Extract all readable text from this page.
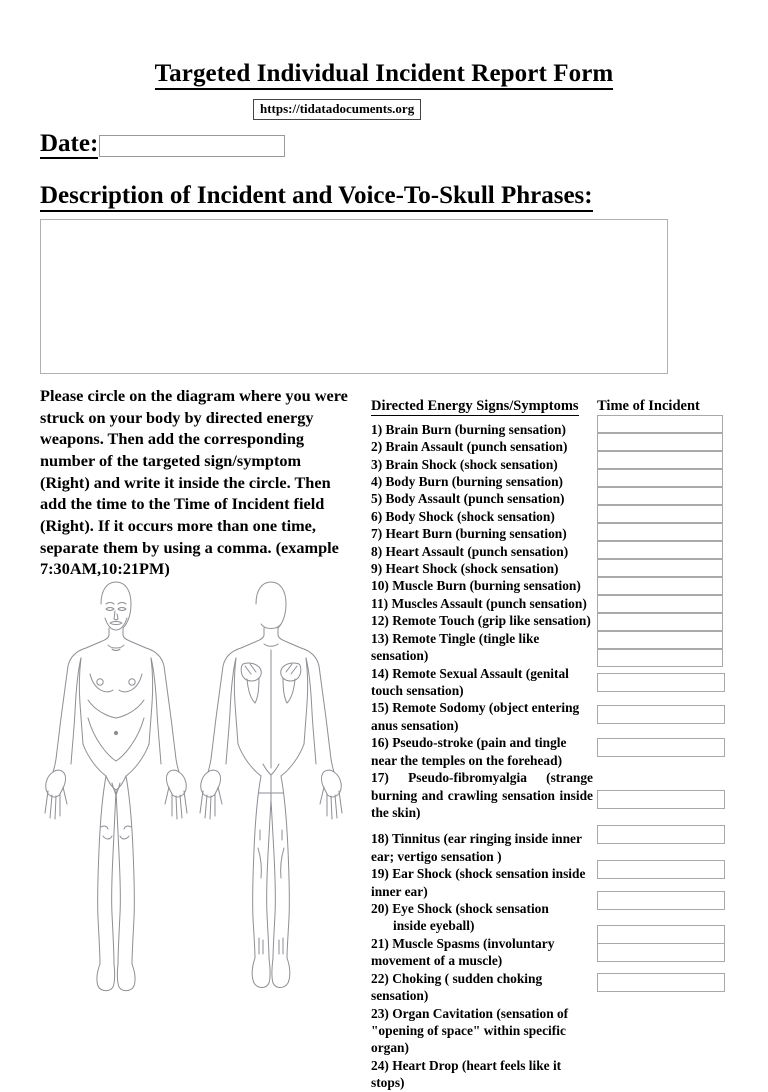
Targeted Individual Incident Report Form
https://tidatadocuments.org
Date:
Description of Incident and Voice-To-Skull Phrases:
Please circle on the diagram where you were struck on your body by directed energy weapons. Then add the corresponding number of the targeted sign/symptom (Right) and write it inside the circle. Then add the time to the Time of Incident field (Right). If it occurs more than one time, separate them by using a comma. (example 7:30AM,10:21PM)
Directed Energy Signs/Symptoms
1) Brain Burn (burning sensation)
2) Brain Assault (punch sensation)
3) Brain Shock (shock sensation)
4) Body Burn (burning sensation)
5) Body Assault (punch sensation)
6) Body Shock (shock sensation)
7) Heart Burn (burning sensation)
8) Heart Assault (punch sensation)
9) Heart Shock (shock sensation)
10) Muscle Burn (burning sensation)
11) Muscles Assault (punch sensation)
12) Remote Touch (grip like sensation)
13) Remote Tingle (tingle like sensation)
14) Remote Sexual Assault (genital touch sensation)
15) Remote Sodomy (object entering anus sensation)
16) Pseudo-stroke (pain and tingle near the temples on the forehead)
17) Pseudo-fibromyalgia (strange burning and crawling sensation inside the skin)
18) Tinnitus (ear ringing inside inner ear; vertigo sensation )
19) Ear Shock (shock sensation inside inner ear)
20) Eye Shock (shock sensation
inside eyeball)
21) Muscle Spasms (involuntary movement of a muscle)
22) Choking ( sudden choking sensation)
23) Organ Cavitation (sensation of "opening of space" within specific organ)
24) Heart Drop (heart feels like it stops)
Time of Incident
